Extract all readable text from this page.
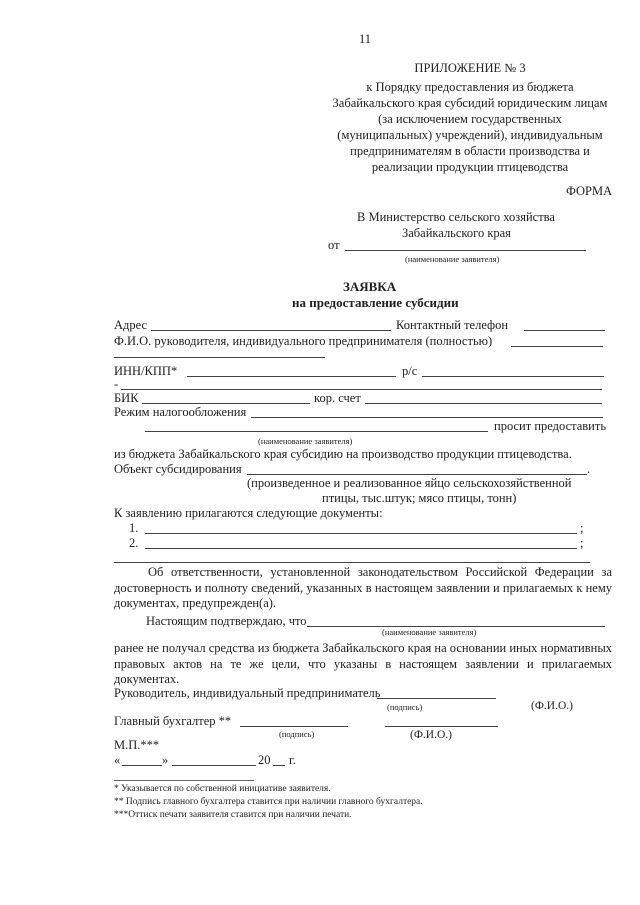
11
ПРИЛОЖЕНИЕ № 3
к Порядку предоставления из бюджета
Забайкальского края субсидий юридическим лицам
(за исключением государственных
(муниципальных) учреждений), индивидуальным
предпринимателям в области производства и
реализации продукции птицеводства
ФОРМА
В Министерство сельского хозяйства
Забайкальского края
от
(наименование заявителя)
ЗАЯВКА
на предоставление субсидии
Адрес	Контактный телефон
Ф.И.О. руководителя, индивидуального предпринимателя (полностью)
ИНН/КПП*	р/с
-
БИК	кор. счет
Режим налогообложения
просит предоставить
(наименование заявителя)
из бюджета Забайкальского края субсидию на производство продукции птицеводства.
Объект субсидирования	.
(произведенное и реализованное яйцо сельскохозяйственной
птицы, тыс.штук; мясо птицы, тонн)
К заявлению прилагаются следующие документы:
1.	;
2.	;
Об ответственности, установленной законодательством Российской Федерации за достоверность и полноту сведений, указанных в настоящем заявлении и прилагаемых к нему документах, предупрежден(а).
Настоящим подтверждаю, что
(наименование заявителя)
ранее не получал средства из бюджета Забайкальского края на основании иных нормативных правовых актов на те же цели, что указаны в настоящем заявлении и прилагаемых документах.
Руководитель, индивидуальный предприниматель
(подпись)	(Ф.И.О.)
Главный бухгалтер **
(подпись)	(Ф.И.О.)
М.П.***
«	»	20 г.
* Указывается по собственной инициативе заявителя.
** Подпись главного бухгалтера ставится при наличии главного бухгалтера.
***Оттиск печати заявителя ставится при наличии печати.
